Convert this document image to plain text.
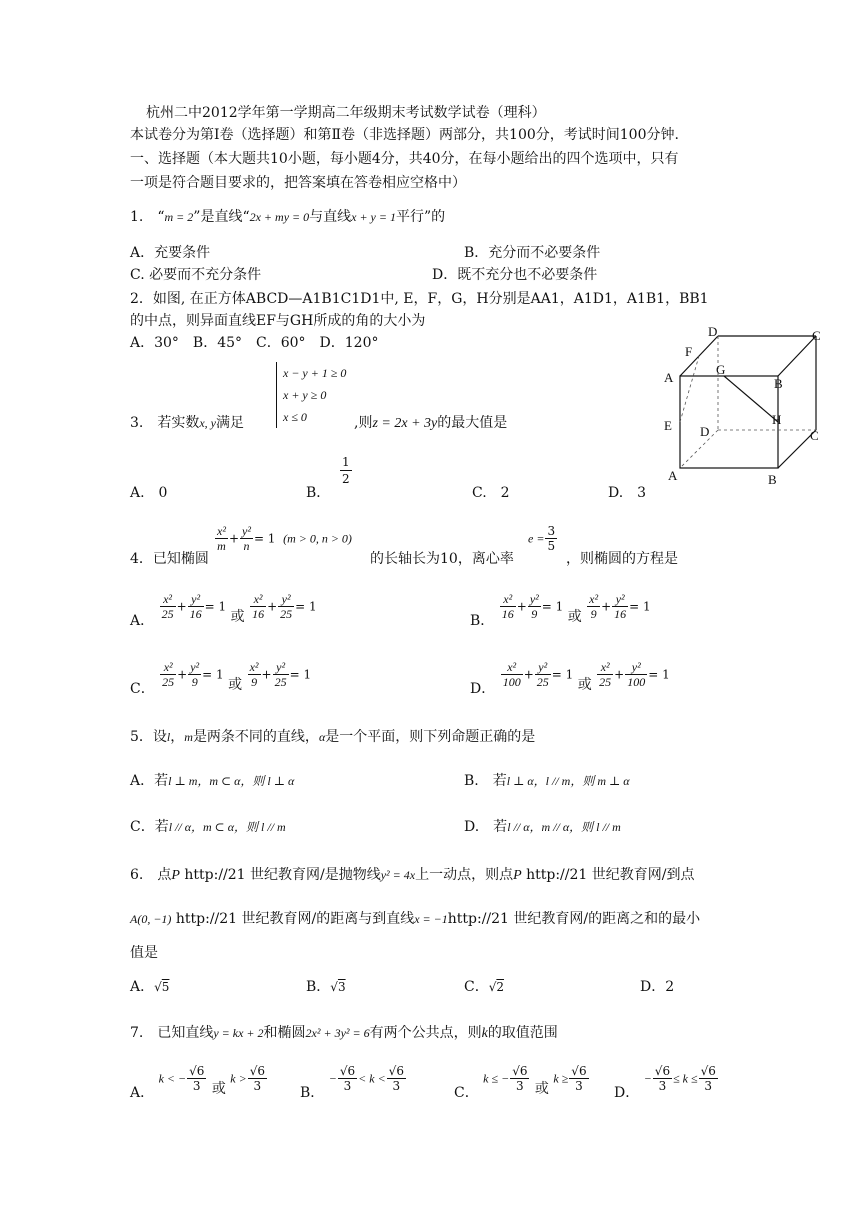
杭州二中2012学年第一学期高二年级期末考试数学试卷（理科）
本试卷分为第Ⅰ卷（选择题）和第Ⅱ卷（非选择题）两部分，共100分，考试时间100分钟.
一、选择题（本大题共10小题，每小题4分，共40分，在每小题给出的四个选项中，只有
一项是符合题目要求的，把答案填在答卷相应空格中）
1.　“m = 2”是直线“2x + my = 0与直线x + y = 1平行”的
A．充要条件	B．充分而不必要条件
C. 必要而不充分条件	D．既不充分也不必要条件
2．如图, 在正方体ABCD—A1B1C1D1中, E，F，G，H分别是AA1，A1D1，A1B1，BB1
的中点，则异面直线EF与GH所成的角的大小为
A．30°　B．45°　C．60°　D．120°
D	C
F
A
G
B
H
E D	C
A	B
3.　若实数x, y满足
x − y + 1 ≥ 0
x + y ≥ 0
x ≤ 0	,则z = 2x + 3y的最大值是
A.　0	B．
1
2
C.　2	D.　3
4．已知椭圆
$\frac{\text{x²}}{m} + \frac{\text{y²}}{n} = 1$  (m > 0, n > 0)
的长轴长为10，离心率
$e = \frac{3}{5}$
，则椭圆的方程是
A． $\frac{\text{x²}}{25} + \frac{\text{y²}}{16} = 1$ 或 $\frac{\text{x²}}{16} + \frac{\text{y²}}{25} = 1$
B． $\frac{\text{x²}}{16} + \frac{\text{y²}}{9} = 1$ 或 $\frac{\text{x²}}{9} + \frac{\text{y²}}{16} = 1$
C． $\frac{\text{x²}}{25} + \frac{\text{y²}}{9} = 1$ 或 $\frac{\text{x²}}{9} + \frac{\text{y²}}{25} = 1$
D． $\frac{\text{x²}}{100} + \frac{\text{y²}}{25} = 1$ 或 $\frac{\text{x²}}{25} + \frac{\text{y²}}{100} = 1$
5．设l，m是两条不同的直线，α是一个平面，则下列命题正确的是
A．若l ⊥ m，m ⊂ α，则 l ⊥ α	B.　若l ⊥ α，l // m，则 m ⊥ α
C．若l // α，m ⊂ α，则 l // m	D.　若l // α，m // α，则 l // m
6.　点P http://21 世纪教育网/是抛物线y² = 4x上一动点，则点P http://21 世纪教育网/到点
A(0, −1) http://21 世纪教育网/的距离与到直线x = −1http://21 世纪教育网/的距离之和的最小
值是
A．√5	B．√3	C．√2	D．2
7.　已知直线y = kx + 2和椭圆2x² + 3y² = 6有两个公共点，则k的取值范围
A． k < − $\frac{√6}{3}$ 或 $k > \frac{√6}{3}$ B． − $\frac{√6}{3} < k < \frac{√6}{3}$	C． k ≤ − $\frac{√6}{3}$ 或 $k \ge \frac{√6}{3}$ D． − $\frac{√6}{3} \le k \le \frac{√6}{3}$
